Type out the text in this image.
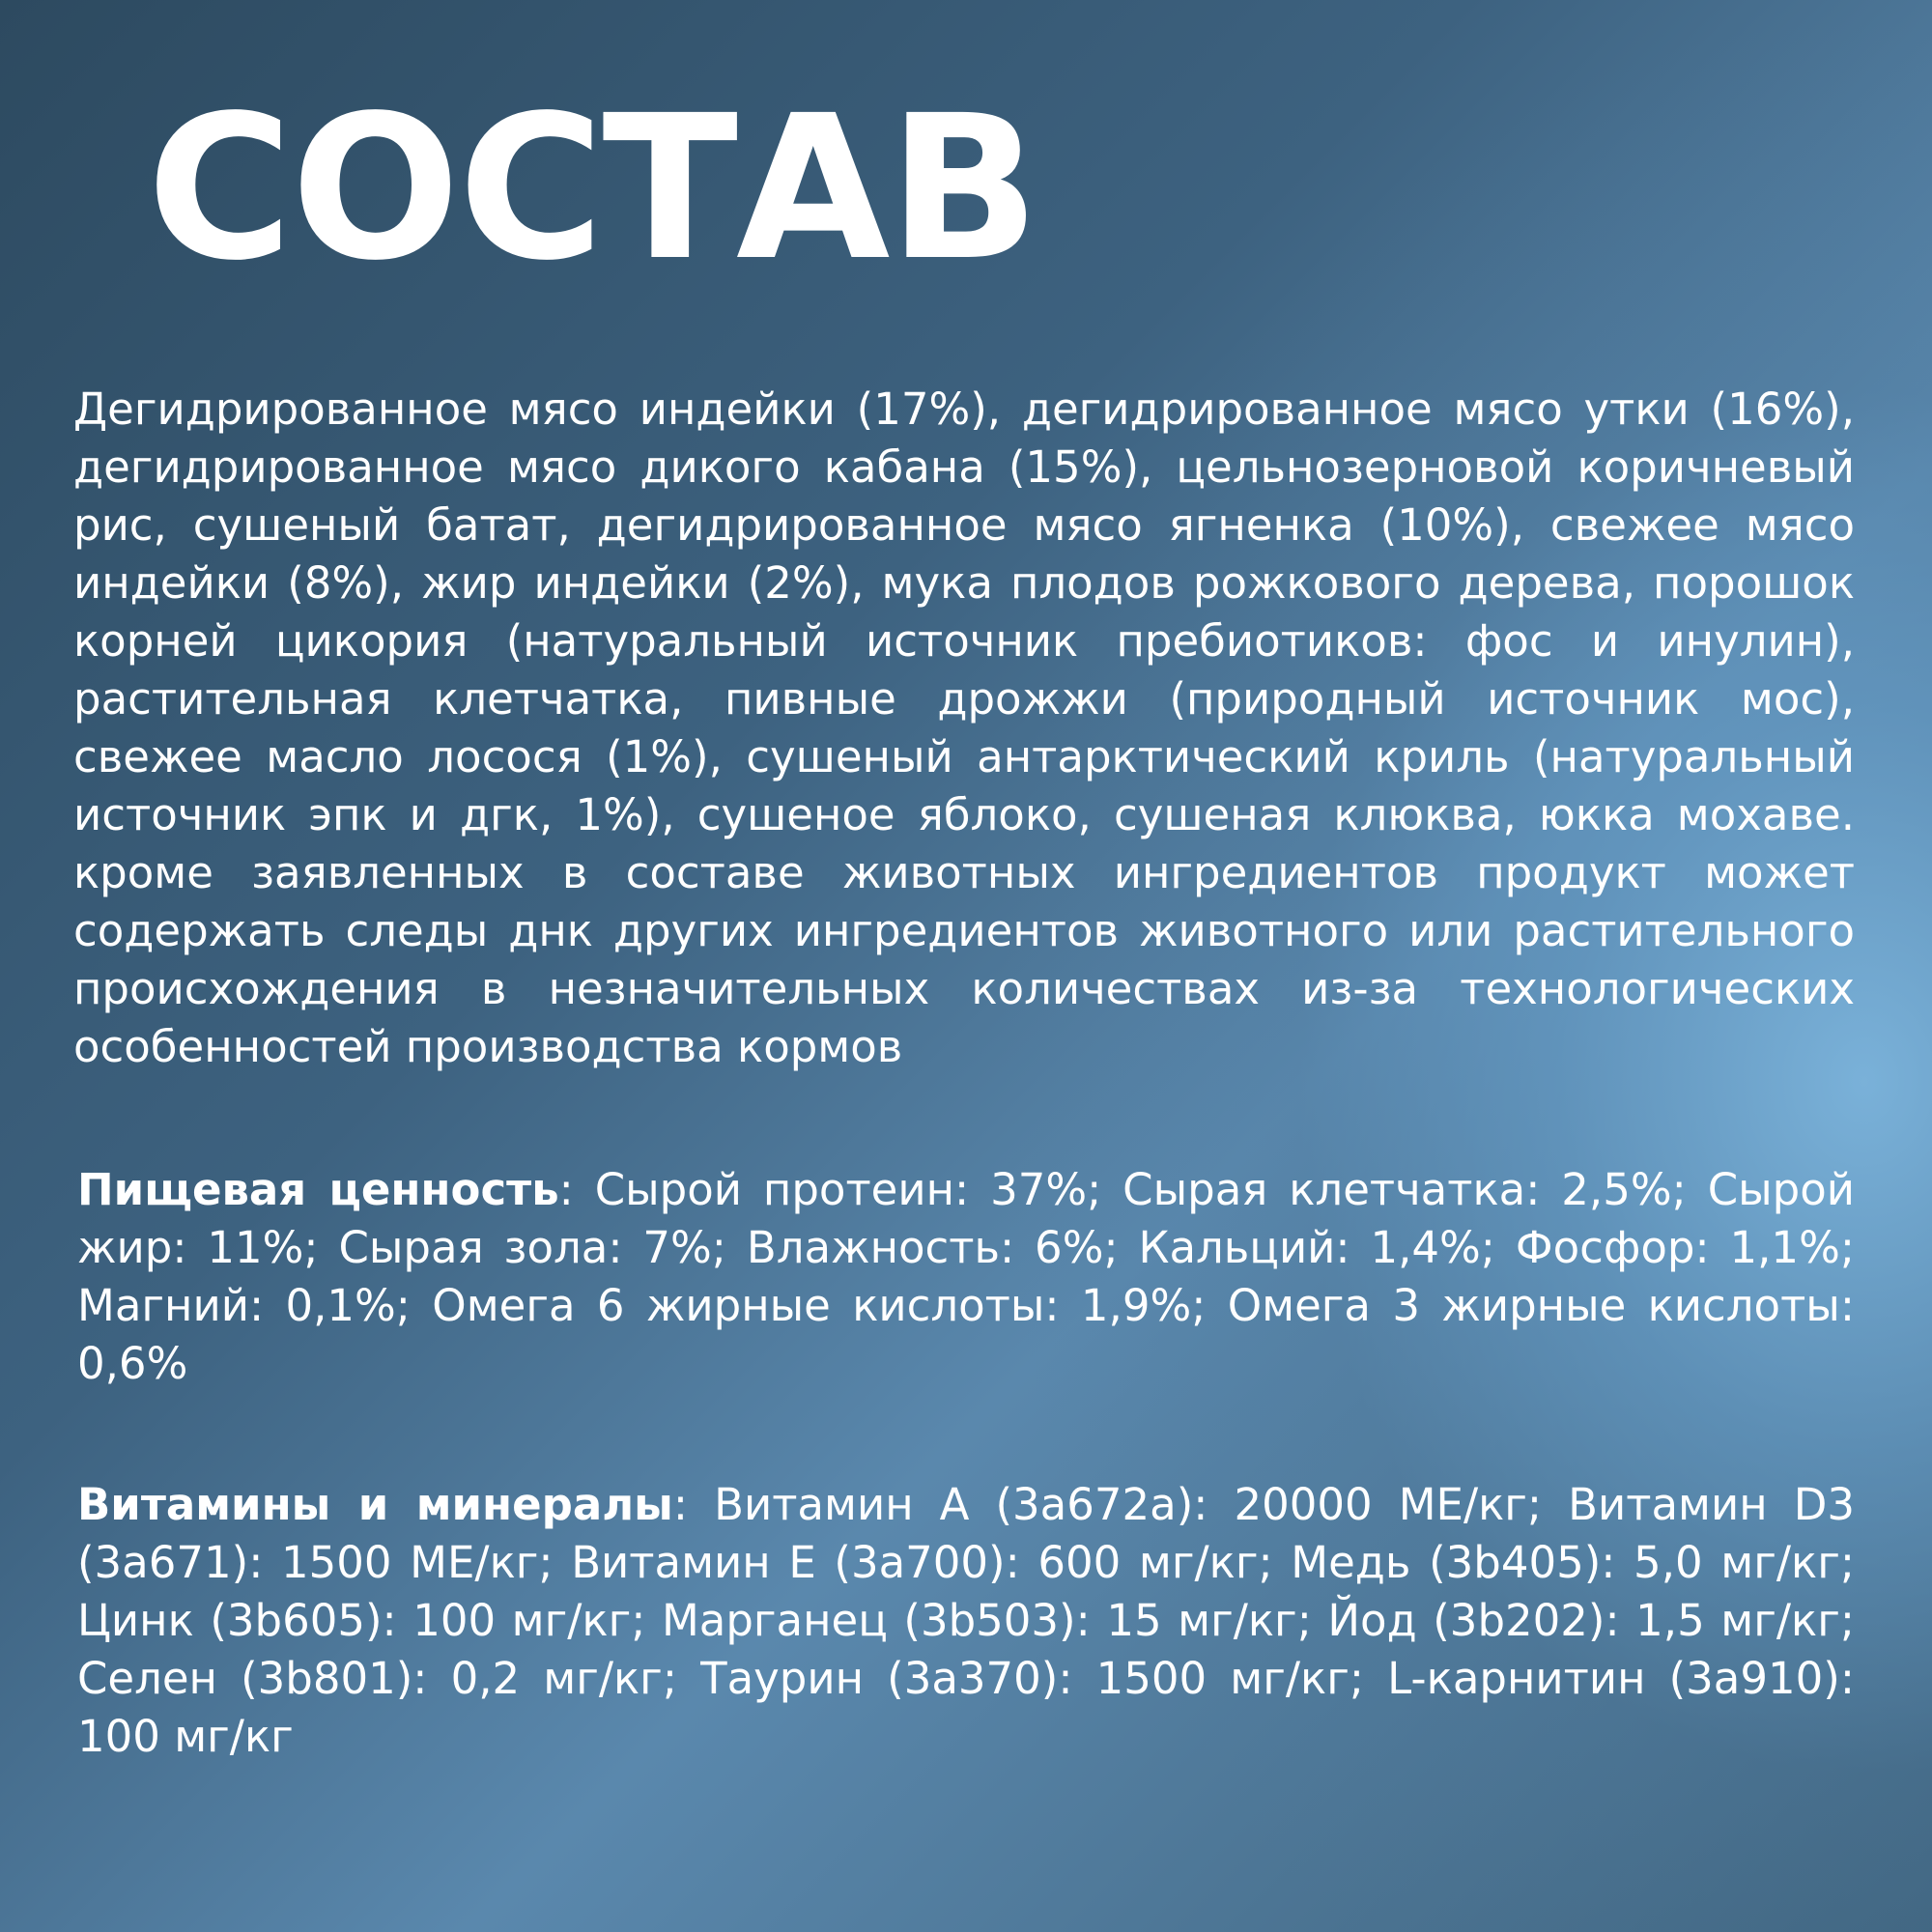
СОСТАВ

Дегидрированное мясо индейки (17%), дегидрированное мясо утки (16%), дегидрированное мясо дикого кабана (15%), цельнозерновой коричневый рис, сушеный батат, дегидрированное мясо ягненка (10%), свежее мясо индейки (8%), жир индейки (2%), мука плодов рожкового дерева, порошок корней цикория (натуральный источник пребиотиков: фос и инулин), растительная клетчатка, пивные дрожжи (природный источник мос), свежее масло лосося (1%), сушеный антарктический криль (натуральный источник эпк и дгк, 1%), сушеное яблоко, сушеная клюква, юкка мохаве. кроме заявленных в составе животных ингредиентов продукт может содержать следы днк других ингредиентов животного или растительного происхождения в незначительных количествах из-за технологических особенностей производства кормов

Пищевая ценность: Сырой протеин: 37%; Сырая клетчатка: 2,5%; Сырой жир: 11%; Сырая зола: 7%; Влажность: 6%; Кальций: 1,4%; Фосфор: 1,1%; Магний: 0,1%; Омега 6 жирные кислоты: 1,9%; Омега 3 жирные кислоты: 0,6%

Витамины и минералы: Витамин А (3а672а): 20000 МЕ/кг; Витамин D3 (3а671): 1500 МЕ/кг; Витамин Е (3а700): 600 мг/кг; Медь (3b405): 5,0 мг/кг; Цинк (3b605): 100 мг/кг; Марганец (3b503): 15 мг/кг; Йод (3b202): 1,5 мг/кг; Селен (3b801): 0,2 мг/кг; Таурин (3а370): 1500 мг/кг; L-карнитин (3а910): 100 мг/кг
